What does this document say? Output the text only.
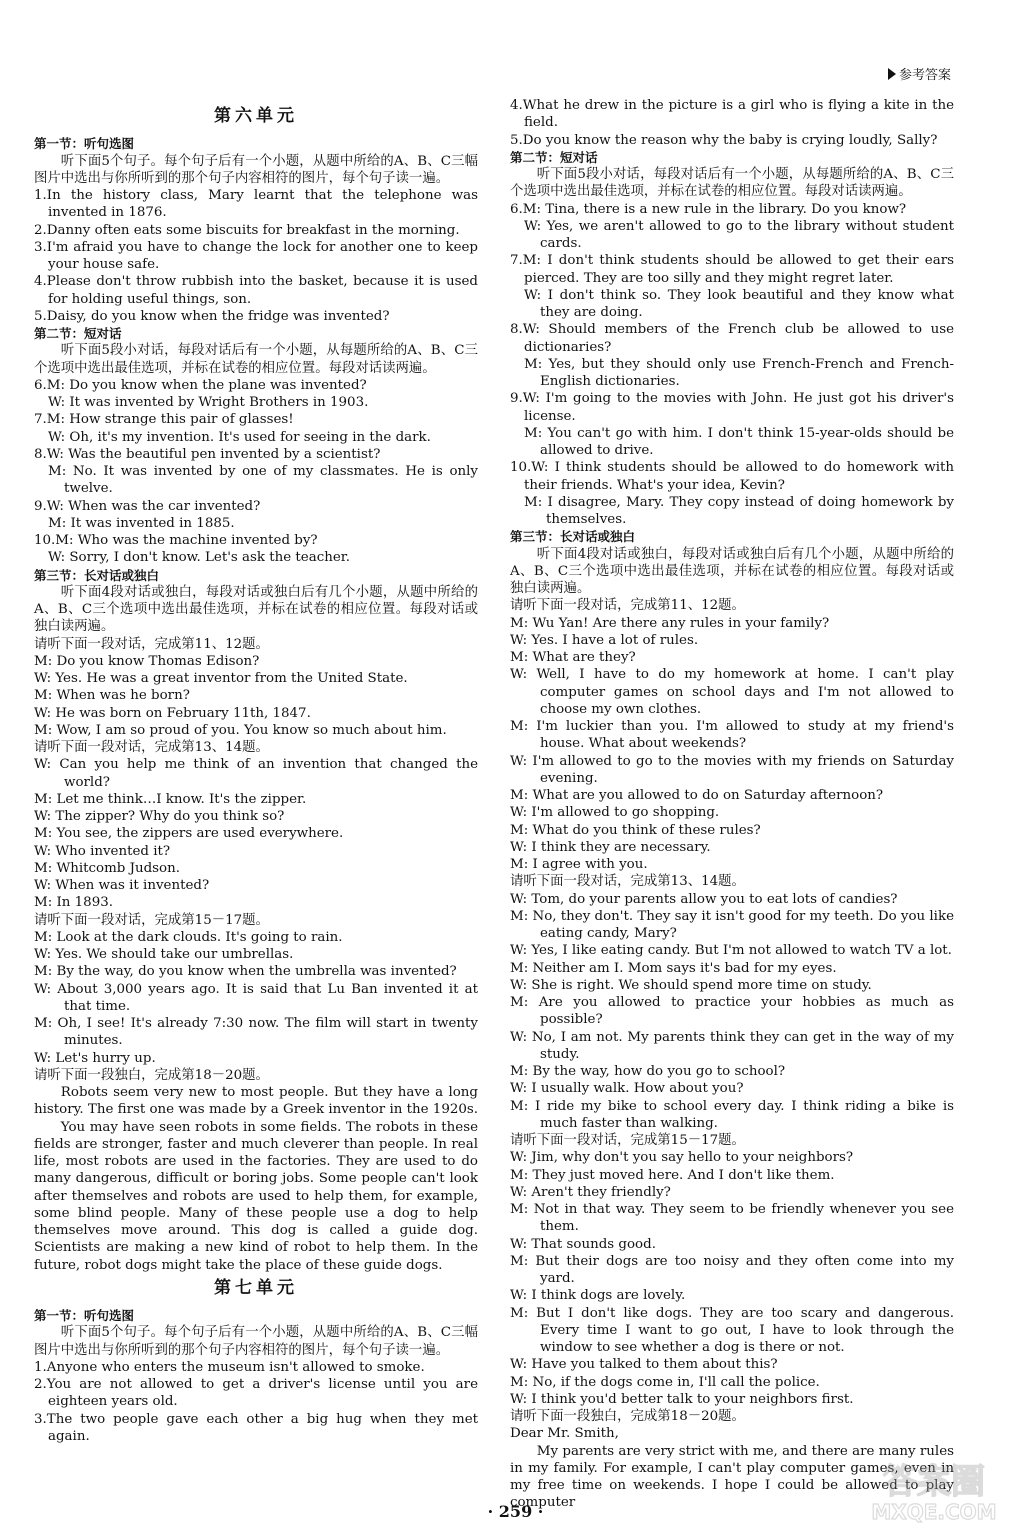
参考答案
第六单元
第一节：听句选图
听下面5个句子。每个句子后有一个小题，从题中所给的A、B、C三幅图片中选出与你所听到的那个句子内容相符的图片，每个句子读一遍。
1.In the history class, Mary learnt that the telephone was invented in 1876.
2.Danny often eats some biscuits for breakfast in the morning.
3.I'm afraid you have to change the lock for another one to keep your house safe.
4.Please don't throw rubbish into the basket, because it is used for holding useful things, son.
5.Daisy, do you know when the fridge was invented?
第二节：短对话
听下面5段小对话，每段对话后有一个小题，从每题所给的A、B、C三个选项中选出最佳选项，并标在试卷的相应位置。每段对话读两遍。
6.M: Do you know when the plane was invented?
W: It was invented by Wright Brothers in 1903.
7.M: How strange this pair of glasses!
W: Oh, it's my invention. It's used for seeing in the dark.
8.W: Was the beautiful pen invented by a scientist?
M: No. It was invented by one of my classmates. He is only twelve.
9.W: When was the car invented?
M: It was invented in 1885.
10.M: Who was the machine invented by?
W: Sorry, I don't know. Let's ask the teacher.
第三节：长对话或独白
听下面4段对话或独白，每段对话或独白后有几个小题，从题中所给的A、B、C三个选项中选出最佳选项，并标在试卷的相应位置。每段对话或独白读两遍。
请听下面一段对话，完成第11、12题。
M: Do you know Thomas Edison?
W: Yes. He was a great inventor from the United State.
M: When was he born?
W: He was born on February 11th, 1847.
M: Wow, I am so proud of you. You know so much about him.
请听下面一段对话，完成第13、14题。
W: Can you help me think of an invention that changed the world?
M: Let me think…I know. It's the zipper.
W: The zipper? Why do you think so?
M: You see, the zippers are used everywhere.
W: Who invented it?
M: Whitcomb Judson.
W: When was it invented?
M: In 1893.
请听下面一段对话，完成第15－17题。
M: Look at the dark clouds. It's going to rain.
W: Yes. We should take our umbrellas.
M: By the way, do you know when the umbrella was invented?
W: About 3,000 years ago. It is said that Lu Ban invented it at that time.
M: Oh, I see! It's already 7:30 now. The film will start in twenty minutes.
W: Let's hurry up.
请听下面一段独白，完成第18－20题。
Robots seem very new to most people. But they have a long history. The first one was made by a Greek inventor in the 1920s.
You may have seen robots in some fields. The robots in these fields are stronger, faster and much cleverer than people. In real life, most robots are used in the factories. They are used to do many dangerous, difficult or boring jobs. Some people can't look after themselves and robots are used to help them, for example, some blind people. Many of these people use a dog to help themselves move around. This dog is called a guide dog. Scientists are making a new kind of robot to help them. In the future, robot dogs might take the place of these guide dogs.
第七单元
第一节：听句选图
听下面5个句子。每个句子后有一个小题，从题中所给的A、B、C三幅图片中选出与你所听到的那个句子内容相符的图片，每个句子读一遍。
1.Anyone who enters the museum isn't allowed to smoke.
2.You are not allowed to get a driver's license until you are eighteen years old.
3.The two people gave each other a big hug when they met again.
4.What he drew in the picture is a girl who is flying a kite in the field.
5.Do you know the reason why the baby is crying loudly, Sally?
第二节：短对话
听下面5段小对话，每段对话后有一个小题，从每题所给的A、B、C三个选项中选出最佳选项，并标在试卷的相应位置。每段对话读两遍。
6.M: Tina, there is a new rule in the library. Do you know?
W: Yes, we aren't allowed to go to the library without student cards.
7.M: I don't think students should be allowed to get their ears pierced. They are too silly and they might regret later.
W: I don't think so. They look beautiful and they know what they are doing.
8.W: Should members of the French club be allowed to use dictionaries?
M: Yes, but they should only use French-French and French-English dictionaries.
9.W: I'm going to the movies with John. He just got his driver's license.
M: You can't go with him. I don't think 15-year-olds should be allowed to drive.
10.W: I think students should be allowed to do homework with their friends. What's your idea, Kevin?
M: I disagree, Mary. They copy instead of doing homework by themselves.
第三节：长对话或独白
听下面4段对话或独白，每段对话或独白后有几个小题，从题中所给的A、B、C三个选项中选出最佳选项，并标在试卷的相应位置。每段对话或独白读两遍。
请听下面一段对话，完成第11、12题。
M: Wu Yan! Are there any rules in your family?
W: Yes. I have a lot of rules.
M: What are they?
W: Well, I have to do my homework at home. I can't play computer games on school days and I'm not allowed to choose my own clothes.
M: I'm luckier than you. I'm allowed to study at my friend's house. What about weekends?
W: I'm allowed to go to the movies with my friends on Saturday evening.
M: What are you allowed to do on Saturday afternoon?
W: I'm allowed to go shopping.
M: What do you think of these rules?
W: I think they are necessary.
M: I agree with you.
请听下面一段对话，完成第13、14题。
W: Tom, do your parents allow you to eat lots of candies?
M: No, they don't. They say it isn't good for my teeth. Do you like eating candy, Mary?
W: Yes, I like eating candy. But I'm not allowed to watch TV a lot.
M: Neither am I. Mom says it's bad for my eyes.
W: She is right. We should spend more time on study.
M: Are you allowed to practice your hobbies as much as possible?
W: No, I am not. My parents think they can get in the way of my study.
M: By the way, how do you go to school?
W: I usually walk. How about you?
M: I ride my bike to school every day. I think riding a bike is much faster than walking.
请听下面一段对话，完成第15－17题。
W: Jim, why don't you say hello to your neighbors?
M: They just moved here. And I don't like them.
W: Aren't they friendly?
M: Not in that way. They seem to be friendly whenever you see them.
W: That sounds good.
M: But their dogs are too noisy and they often come into my yard.
W: I think dogs are lovely.
M: But I don't like dogs. They are too scary and dangerous. Every time I want to go out, I have to look through the window to see whether a dog is there or not.
W: Have you talked to them about this?
M: No, if the dogs come in, I'll call the police.
W: I think you'd better talk to your neighbors first.
请听下面一段独白，完成第18－20题。
Dear Mr. Smith,
My parents are very strict with me, and there are many rules in my family. For example, I can't play computer games, even in my free time on weekends. I hope I could be allowed to play computer
· 259 ·
答案圈
MXQE.COM
